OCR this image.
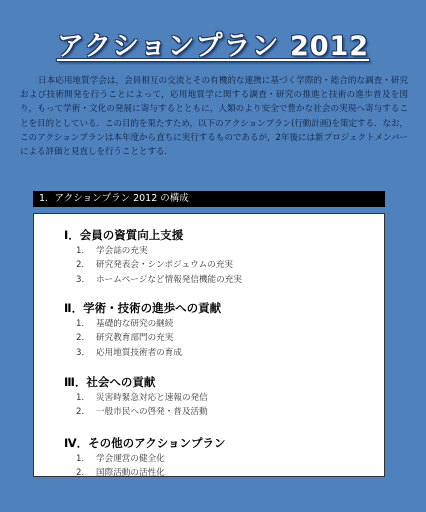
アクションプラン 2012
日本応用地質学会は，会員相互の交流とその有機的な連携に基づく学際的・総合的な調査・研究および技術開発を行うことによって，応用地質学に関する調査・研究の推進と技術の進歩普及を図り，もって学術・文化の発展に寄与するとともに，人類のより安全で豊かな社会の実現へ寄与することを目的としている．この目的を果たすため，以下のアクションプラン(行動計画)を策定する．なお，このアクションプランは本年度から直ちに実行するものであるが，2年後には新プロジェクトメンバーによる評価と見直しを行うこととする．
1．アクションプラン 2012 の構成
Ⅰ．会員の資質向上支援
1． 学会誌の充実
2． 研究発表会・シンポジュウムの充実
3． ホームページなど情報発信機能の充実
Ⅱ．学術・技術の進歩への貢献
1． 基礎的な研究の継続
2． 研究教育部門の充実
3． 応用地質技術者の育成
Ⅲ．社会への貢献
1． 災害時緊急対応と速報の発信
2． 一般市民への啓発・普及活動
Ⅳ．その他のアクションプラン
1． 学会運営の健全化
2． 国際活動の活性化
